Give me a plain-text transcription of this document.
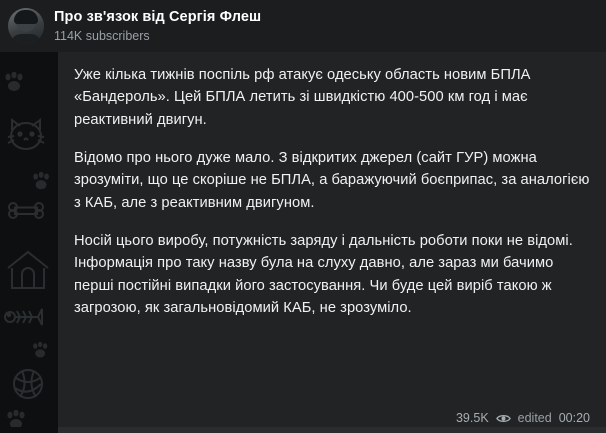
Про зв'язок від Сергія Флеш
114K subscribers

Уже кілька тижнів поспіль рф атакує одеську область новим БПЛА «Бандероль». Цей БПЛА летить зі швидкістю 400-500 км год і має реактивний двигун.

Відомо про нього дуже мало. З відкритих джерел (сайт ГУР) можна зрозуміти, що це скоріше не БПЛА, а баражуючий боєприпас, за аналогією з КАБ, але з реактивним двигуном.

Носій цього виробу, потужність заряду і дальність роботи поки не відомі.

Інформація про таку назву була на слуху давно, але зараз ми бачимо перші постійні випадки його застосування. Чи буде цей виріб такою ж загрозою, як загальновідомий КАБ, не зрозуміло.

39.5K edited 00:20
